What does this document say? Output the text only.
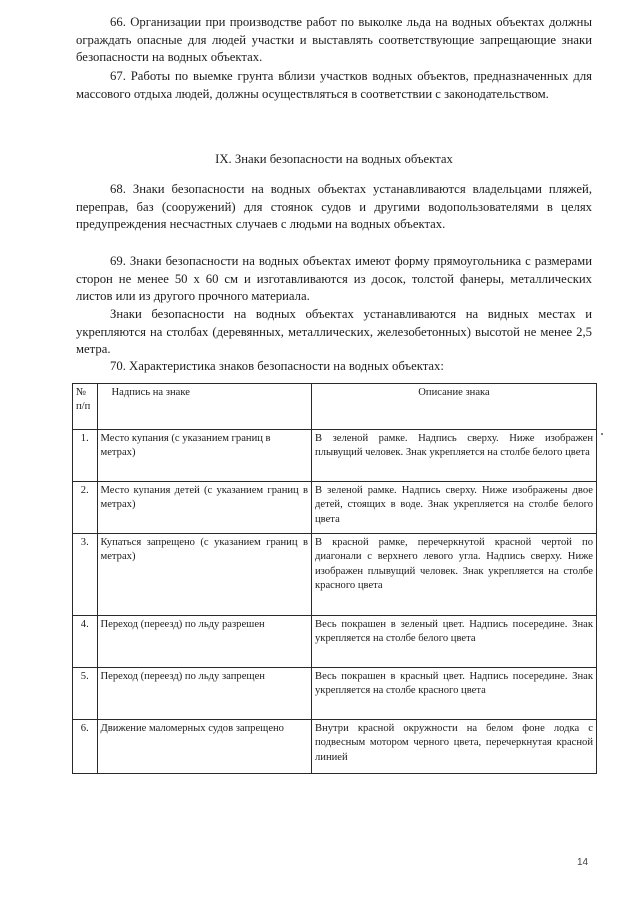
66. Организации при производстве работ по выколке льда на водных объектах должны ограждать опасные для людей участки и выставлять соответствующие запрещающие знаки безопасности на водных объектах.

67. Работы по выемке грунта вблизи участков водных объектов, предназначенных для массового отдыха людей, должны осуществляться в соответствии с законодательством.

IX. Знаки безопасности на водных объектах

68. Знаки безопасности на водных объектах устанавливаются владельцами пляжей, переправ, баз (сооружений) для стоянок судов и другими водопользователями в целях предупреждения несчастных случаев с людьми на водных объектах.

69. Знаки безопасности на водных объектах имеют форму прямоугольника с размерами сторон не менее 50 x 60 см и изготавливаются из досок, толстой фанеры, металлических листов или из другого прочного материала.

Знаки безопасности на водных объектах устанавливаются на видных местах и укрепляются на столбах (деревянных, металлических, железобетонных) высотой не менее 2,5 метра.

70. Характеристика знаков безопасности на водных объектах:

№ п/п	Надпись на знаке	Описание знака
1.	Место купания (с указанием границ в метрах)	В зеленой рамке. Надпись сверху. Ниже изображен плывущий человек. Знак укрепляется на столбе белого цвета
2.	Место купания детей (с указанием границ в метрах)	В зеленой рамке. Надпись сверху. Ниже изображены двое детей, стоящих в воде. Знак укрепляется на столбе белого цвета
3.	Купаться запрещено (с указанием границ в метрах)	В красной рамке, перечеркнутой красной чертой по диагонали с верхнего левого угла. Надпись сверху. Ниже изображен плывущий человек. Знак укрепляется на столбе красного цвета
4.	Переход (переезд) по льду разрешен	Весь покрашен в зеленый цвет. Надпись посередине. Знак укрепляется на столбе белого цвета
5.	Переход (переезд) по льду запрещен	Весь покрашен в красный цвет. Надпись посередине. Знак укрепляется на столбе красного цвета
6.	Движение маломерных судов запрещено	Внутри красной окружности на белом фоне лодка с подвесным мотором черного цвета, перечеркнутая красной линией
14
